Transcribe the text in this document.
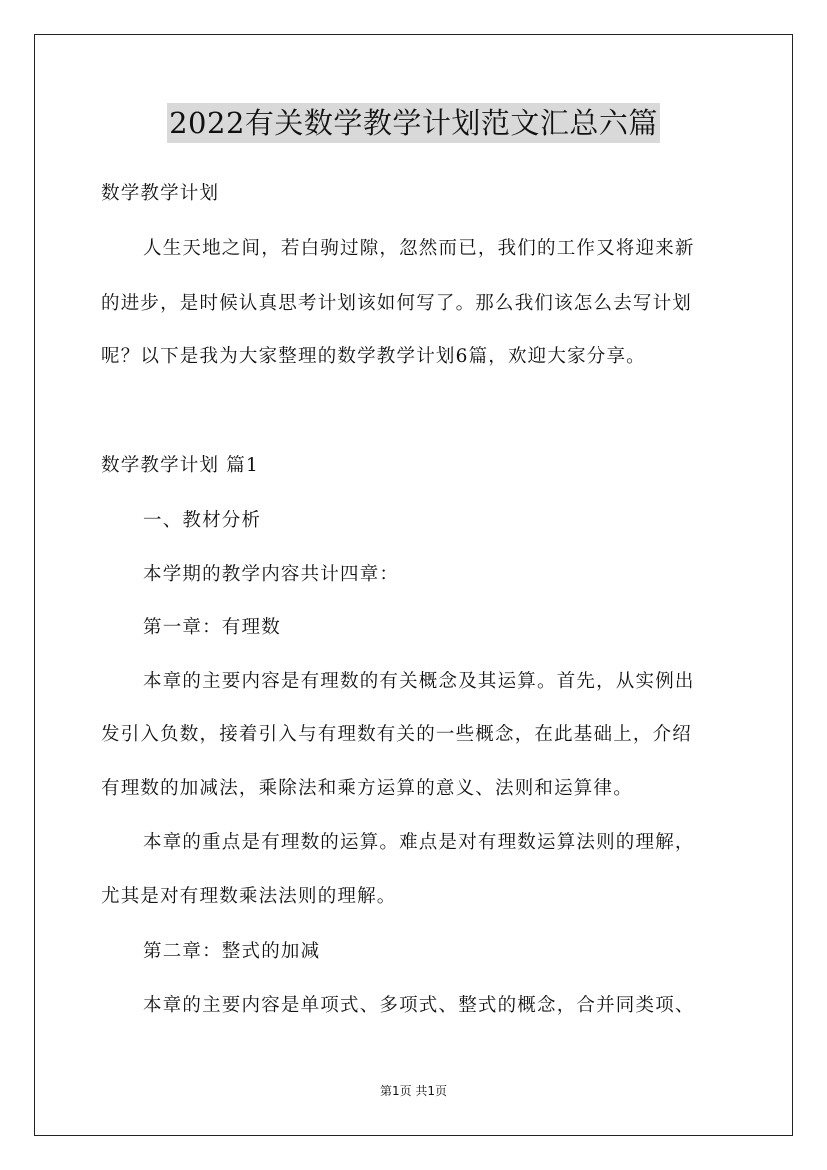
2022有关数学教学计划范文汇总六篇
数学教学计划
人生天地之间，若白驹过隙，忽然而已，我们的工作又将迎来新
的进步，是时候认真思考计划该如何写了。那么我们该怎么去写计划
呢？以下是我为大家整理的数学教学计划6篇，欢迎大家分享。
数学教学计划 篇1
一、教材分析
本学期的教学内容共计四章：
第一章：有理数
本章的主要内容是有理数的有关概念及其运算。首先，从实例出
发引入负数，接着引入与有理数有关的一些概念，在此基础上，介绍
有理数的加减法，乘除法和乘方运算的意义、法则和运算律。
本章的重点是有理数的运算。难点是对有理数运算法则的理解，
尤其是对有理数乘法法则的理解。
第二章：整式的加减
本章的主要内容是单项式、多项式、整式的概念，合并同类项、
第1页 共1页
